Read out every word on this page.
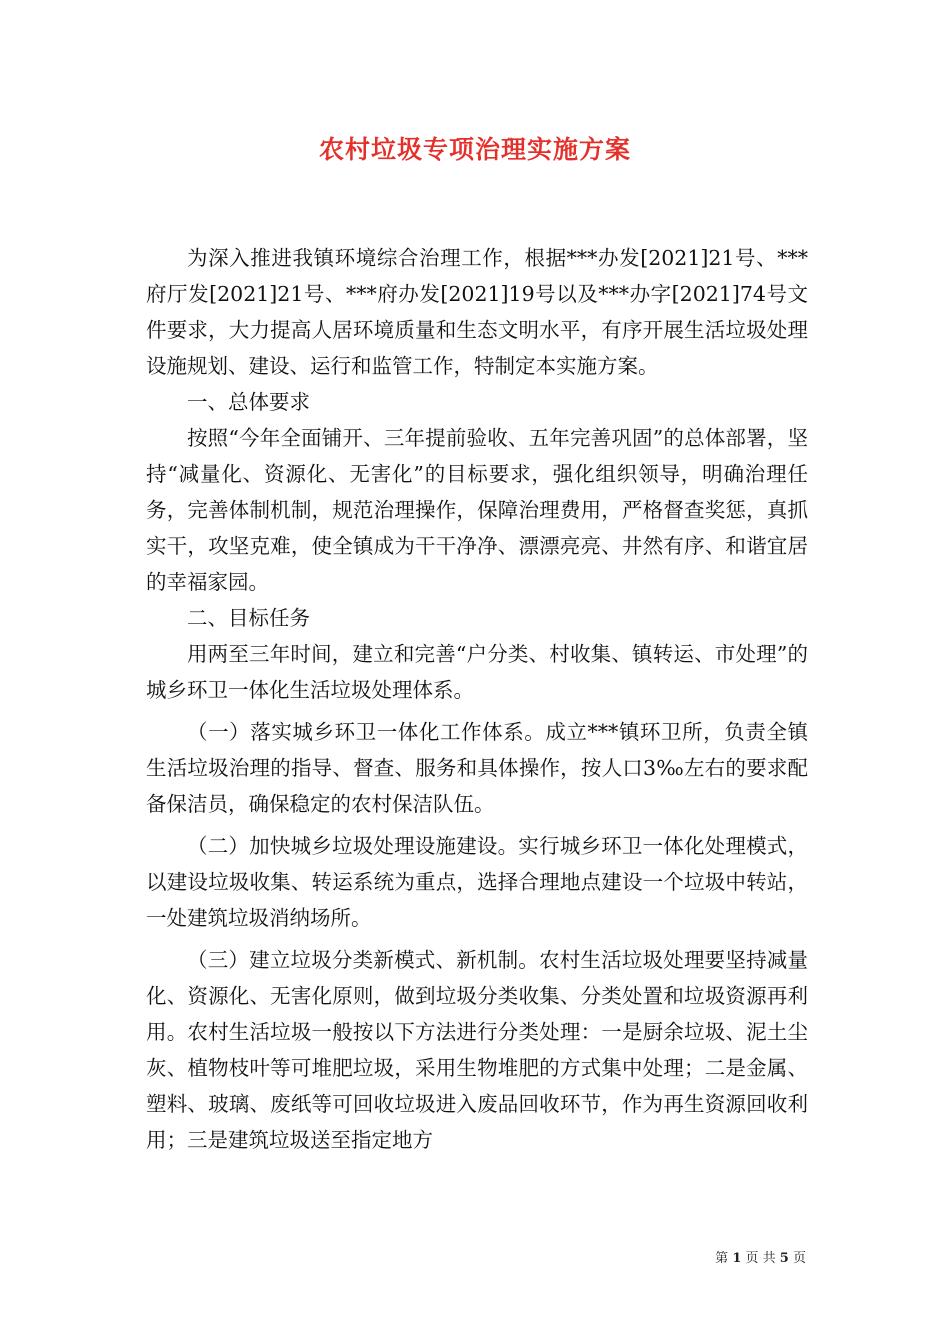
农村垃圾专项治理实施方案

为深入推进我镇环境综合治理工作，根据***办发[2021]21号、***府厅发[2021]21号、***府办发[2021]19号以及***办字[2021]74号文件要求，大力提高人居环境质量和生态文明水平，有序开展生活垃圾处理设施规划、建设、运行和监管工作，特制定本实施方案。

一、总体要求

按照“今年全面铺开、三年提前验收、五年完善巩固”的总体部署，坚持“减量化、资源化、无害化”的目标要求，强化组织领导，明确治理任务，完善体制机制，规范治理操作，保障治理费用，严格督查奖惩，真抓实干，攻坚克难，使全镇成为干干净净、漂漂亮亮、井然有序、和谐宜居的幸福家园。

二、目标任务

用两至三年时间，建立和完善“户分类、村收集、镇转运、市处理”的城乡环卫一体化生活垃圾处理体系。

（一）落实城乡环卫一体化工作体系。成立***镇环卫所，负责全镇生活垃圾治理的指导、督查、服务和具体操作，按人口3‰左右的要求配备保洁员，确保稳定的农村保洁队伍。

（二）加快城乡垃圾处理设施建设。实行城乡环卫一体化处理模式，以建设垃圾收集、转运系统为重点，选择合理地点建设一个垃圾中转站，一处建筑垃圾消纳场所。

（三）建立垃圾分类新模式、新机制。农村生活垃圾处理要坚持减量化、资源化、无害化原则，做到垃圾分类收集、分类处置和垃圾资源再利用。农村生活垃圾一般按以下方法进行分类处理：一是厨余垃圾、泥土尘灰、植物枝叶等可堆肥垃圾，采用生物堆肥的方式集中处理；二是金属、塑料、玻璃、废纸等可回收垃圾进入废品回收环节，作为再生资源回收利用；三是建筑垃圾送至指定地方

第 1 页 共 5 页
